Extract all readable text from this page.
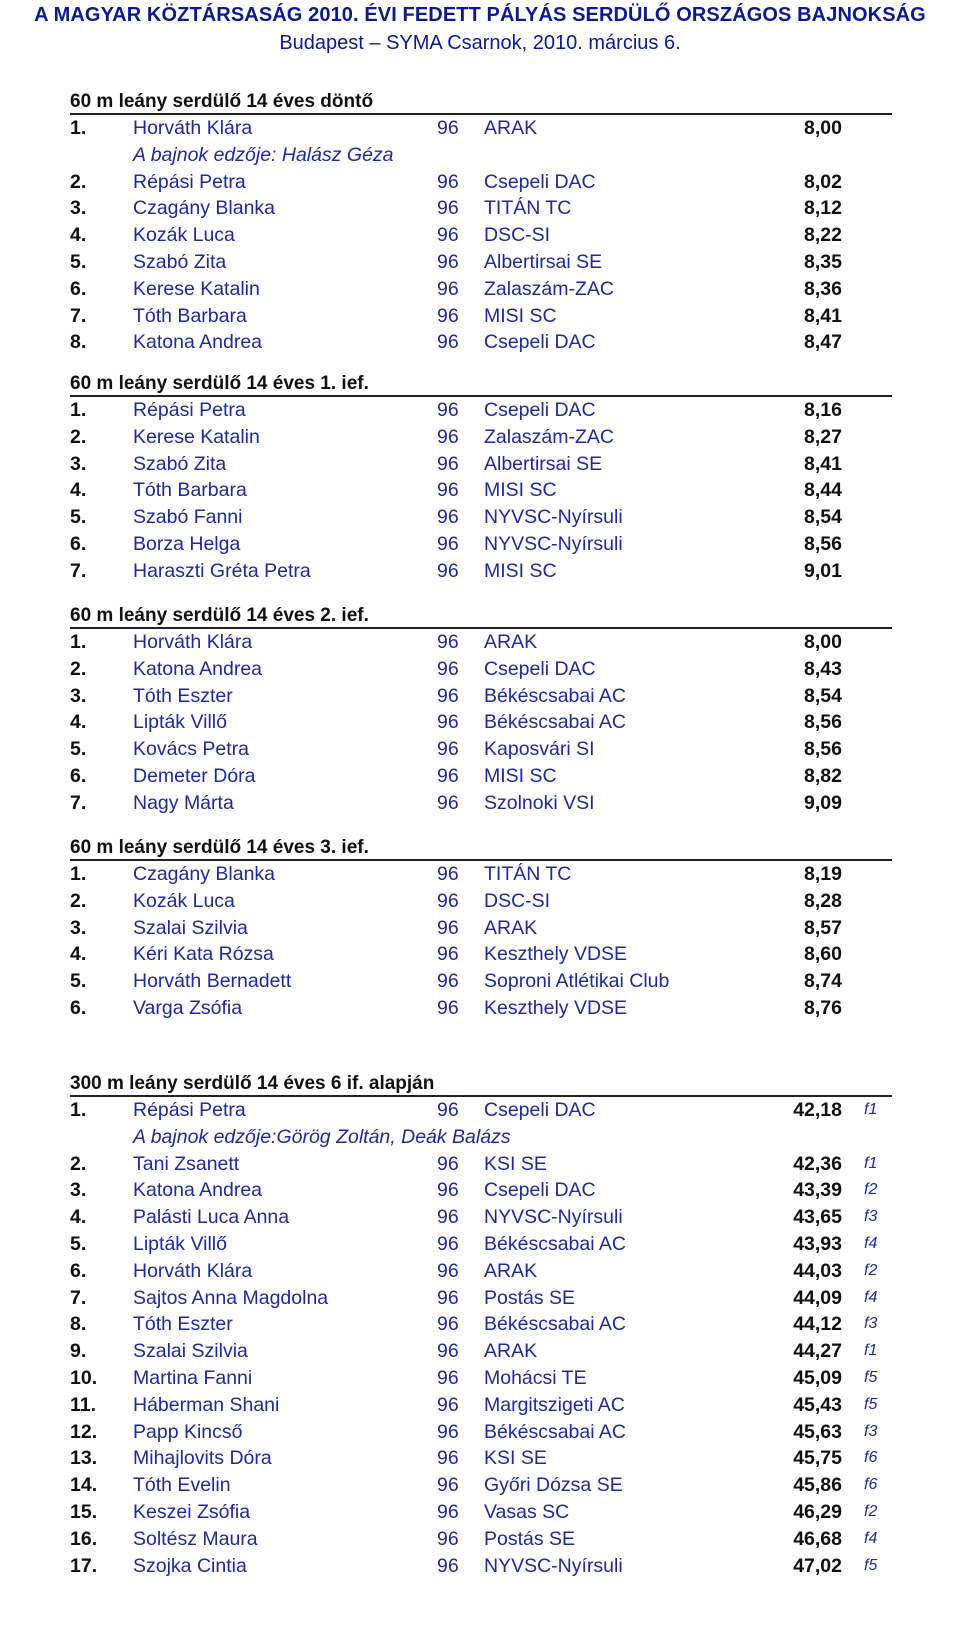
A MAGYAR KÖZTÁRSASÁG 2010. ÉVI FEDETT PÁLYÁS SERDÜLŐ ORSZÁGOS BAJNOKSÁG
Budapest – SYMA Csarnok, 2010. március 6.
60 m leány serdülő 14 éves döntő
1. Horváth Klára	96 ARAK	8,00
A bajnok edzője: Halász Géza
2. Répási Petra	96 Csepeli DAC	8,02
3. Czagány Blanka	96 TITÁN TC	8,12
4. Kozák Luca	96 DSC-SI	8,22
5. Szabó Zita	96 Albertirsai SE	8,35
6. Kerese Katalin	96 Zalaszám-ZAC	8,36
7. Tóth Barbara	96 MISI SC	8,41
8. Katona Andrea	96 Csepeli DAC	8,47
60 m leány serdülő 14 éves 1. ief.
1. Répási Petra	96 Csepeli DAC	8,16
2. Kerese Katalin	96 Zalaszám-ZAC	8,27
3. Szabó Zita	96 Albertirsai SE	8,41
4. Tóth Barbara	96 MISI SC	8,44
5. Szabó Fanni	96 NYVSC-Nyírsuli	8,54
6. Borza Helga	96 NYVSC-Nyírsuli	8,56
7. Haraszti Gréta Petra	96 MISI SC	9,01
60 m leány serdülő 14 éves 2. ief.
1. Horváth Klára	96 ARAK	8,00
2. Katona Andrea	96 Csepeli DAC	8,43
3. Tóth Eszter	96 Békéscsabai AC	8,54
4. Lipták Villő	96 Békéscsabai AC	8,56
5. Kovács Petra	96 Kaposvári SI	8,56
6. Demeter Dóra	96 MISI SC	8,82
7. Nagy Márta	96 Szolnoki VSI	9,09
60 m leány serdülő 14 éves 3. ief.
1. Czagány Blanka	96 TITÁN TC	8,19
2. Kozák Luca	96 DSC-SI	8,28
3. Szalai Szilvia	96 ARAK	8,57
4. Kéri Kata Rózsa	96 Keszthely VDSE	8,60
5. Horváth Bernadett	96 Soproni Atlétikai Club	8,74
6. Varga Zsófia	96 Keszthely VDSE	8,76
300 m leány serdülő 14 éves 6 if. alapján
1. Répási Petra	96 Csepeli DAC	42,18 f1
A bajnok edzője:Görög Zoltán, Deák Balázs
2. Tani Zsanett	96 KSI SE	42,36 f1
3. Katona Andrea	96 Csepeli DAC	43,39 f2
4. Palásti Luca Anna	96 NYVSC-Nyírsuli	43,65 f3
5. Lipták Villő	96 Békéscsabai AC	43,93 f4
6. Horváth Klára	96 ARAK	44,03 f2
7. Sajtos Anna Magdolna	96 Postás SE	44,09 f4
8. Tóth Eszter	96 Békéscsabai AC	44,12 f3
9. Szalai Szilvia	96 ARAK	44,27 f1
10. Martina Fanni	96 Mohácsi TE	45,09 f5
11. Háberman Shani	96 Margitszigeti AC	45,43 f5
12. Papp Kincső	96 Békéscsabai AC	45,63 f3
13. Mihajlovits Dóra	96 KSI SE	45,75 f6
14. Tóth Evelin	96 Győri Dózsa SE	45,86 f6
15. Keszei Zsófia	96 Vasas SC	46,29 f2
16. Soltész Maura	96 Postás SE	46,68 f4
17. Szojka Cintia	96 NYVSC-Nyírsuli	47,02 f5
